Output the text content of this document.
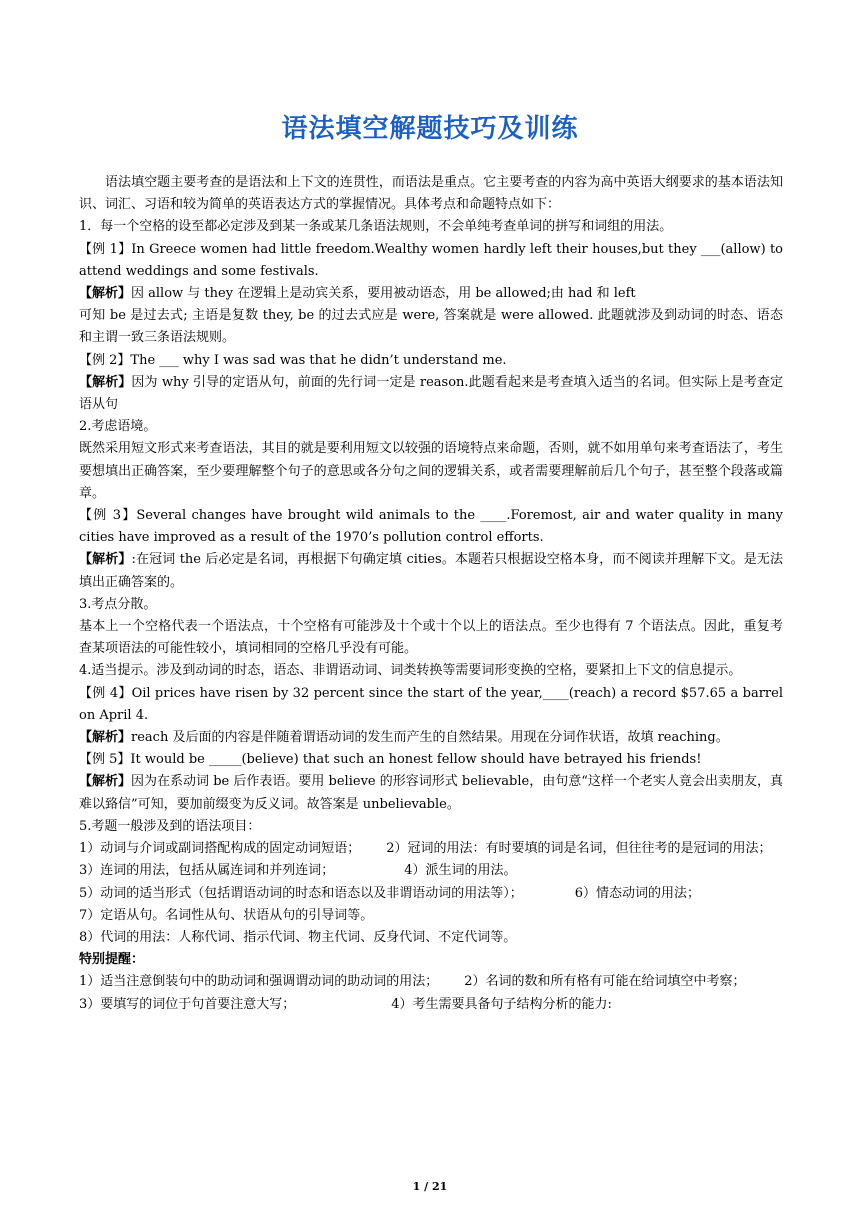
语法填空解题技巧及训练

语法填空题主要考查的是语法和上下文的连贯性，而语法是重点。它主要考查的内容为高中英语大纲要求的基本语法知识、词汇、习语和较为简单的英语表达方式的掌握情况。具体考点和命题特点如下：

1．每一个空格的设至都必定涉及到某一条或某几条语法规则，不会单纯考查单词的拼写和词组的用法。

【例 1】In Greece women had little freedom.Wealthy women hardly left their houses,but they ___(allow) to attend weddings and some festivals.

【解析】因 allow 与 they 在逻辑上是动宾关系，要用被动语态，用 be allowed;由 had 和 left

可知 be 是过去式; 主语是复数 they, be 的过去式应是 were, 答案就是 were allowed. 此题就涉及到动词的时态、语态和主谓一致三条语法规则。

【例 2】The ___ why I was sad was that he didn’t understand me.

【解析】因为 why 引导的定语从句，前面的先行词一定是 reason.此题看起来是考查填入适当的名词。但实际上是考查定语从句

2.考虑语境。

既然采用短文形式来考查语法，其目的就是要利用短文以较强的语境特点来命题，否则，就不如用单句来考查语法了，考生要想填出正确答案，至少要理解整个句子的意思或各分句之间的逻辑关系，或者需要理解前后几个句子，甚至整个段落或篇章。

【例 3】Several changes have brought wild animals to the ____.Foremost, air and water quality in many cities have improved as a result of the 1970’s pollution control efforts.

【解析】:在冠词 the 后必定是名词，再根据下句确定填 cities。本题若只根据设空格本身，而不阅读并理解下文。是无法填出正确答案的。

3.考点分散。

基本上一个空格代表一个语法点，十个空格有可能涉及十个或十个以上的语法点。至少也得有 7 个语法点。因此，重复考查某项语法的可能性较小，填词相同的空格几乎没有可能。

4.适当提示。涉及到动词的时态，语态、非谓语动词、词类转换等需要词形变换的空格，要紧扣上下文的信息提示。

【例 4】Oil prices have risen by 32 percent since the start of the year,____(reach) a record $57.65 a barrel on April 4.

【解析】reach 及后面的内容是伴随着谓语动词的发生而产生的自然结果。用现在分词作状语，故填 reaching。

【例 5】It would be _____(believe) that such an honest fellow should have betrayed his friends!

【解析】因为在系动词 be 后作表语。要用 believe 的形容词形式 believable，由句意“这样一个老实人竟会出卖朋友，真难以臵信”可知，要加前缀变为反义词。故答案是 unbelievable。

5.考题一般涉及到的语法项目：

1）动词与介词或副词搭配构成的固定动词短语； 2）冠词的用法：有时要填的词是名词，但往往考的是冠词的用法；

3）连词的用法，包括从属连词和并列连词；	4）派生词的用法。

5）动词的适当形式（包括谓语动词的时态和语态以及非谓语动词的用法等）；	6）情态动词的用法；

7）定语从句。名词性从句、状语从句的引导词等。

8）代词的用法：人称代词、指示代词、物主代词、反身代词、不定代词等。

特别提醒：

1）适当注意倒装句中的助动词和强调谓动词的助动词的用法； 2）名词的数和所有格有可能在给词填空中考察；

3）要填写的词位于句首要注意大写；	4）考生需要具备句子结构分析的能力:

1 / 21
